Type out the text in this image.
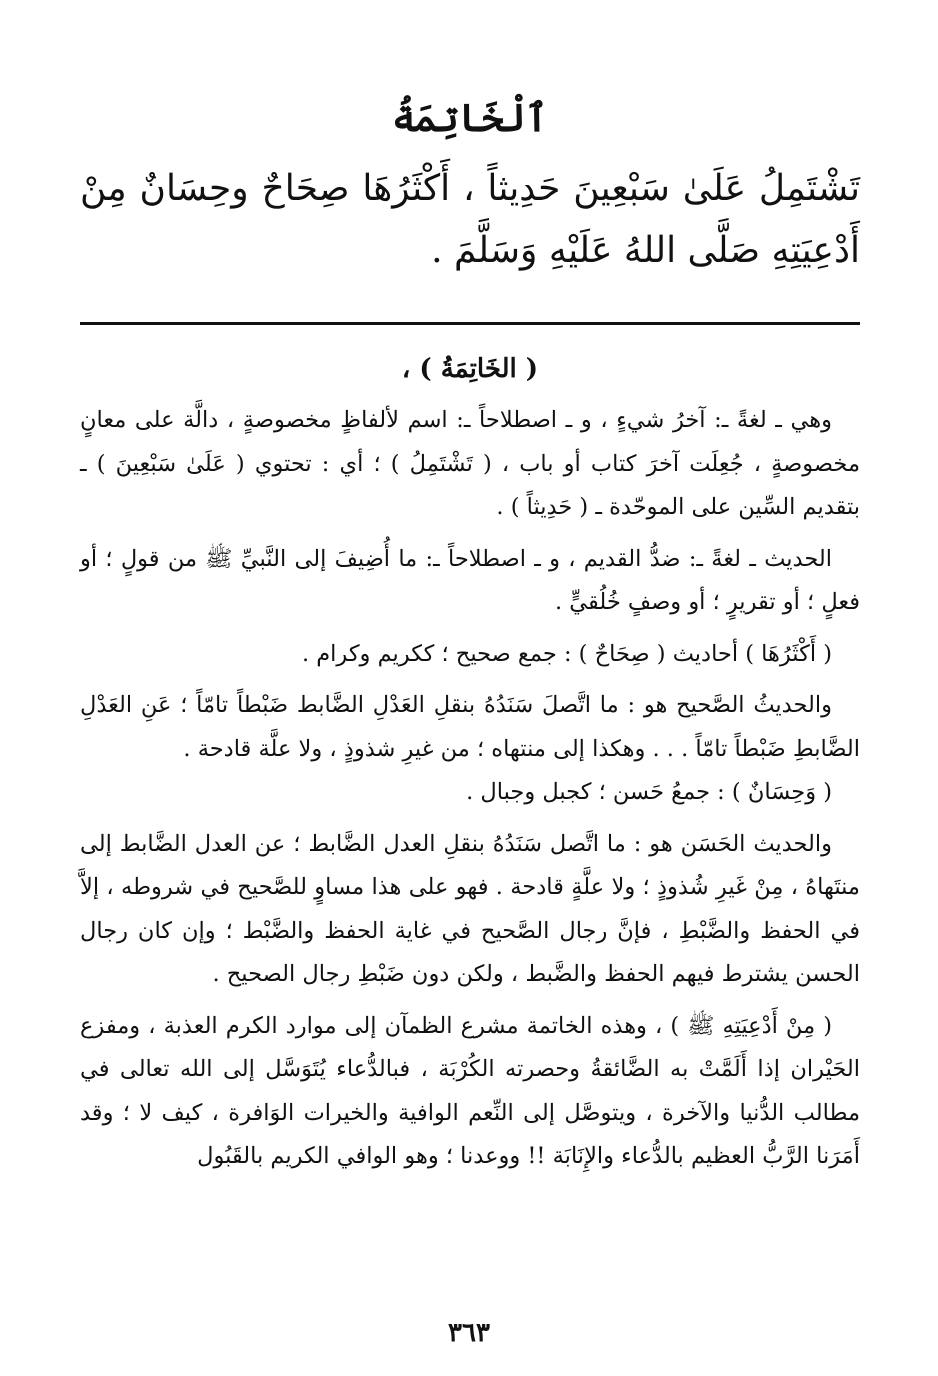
ٱلْخَاتِمَةُ

تَشْتَمِلُ عَلَىٰ سَبْعِينَ حَدِيثاً ، أَكْثَرُهَا صِحَاحٌ وحِسَانٌ مِنْ أَدْعِيَتِهِ صَلَّى اللهُ عَلَيْهِ وَسَلَّمَ .

( الخَاتِمَةُ ) ،

وهي ـ لغةً ـ: آخرُ شيءٍ ، و ـ اصطلاحاً ـ: اسم لألفاظٍ مخصوصةٍ ، دالَّة على معانٍ مخصوصةٍ ، جُعِلَت آخرَ كتاب أو باب ، ( تَشْتَمِلُ ) ؛ أي : تحتوي ( عَلَىٰ سَبْعِينَ ) ـ بتقديم السِّين على الموحّدة ـ ( حَدِيثاً ) .

الحديث ـ لغةً ـ: ضدُّ القديم ، و ـ اصطلاحاً ـ: ما أُضِيفَ إلى النَّبيِّ ﷺ من قولٍ ؛ أو فعلٍ ؛ أو تقريرٍ ؛ أو وصفٍ خُلُقيٍّ .

( أَكْثَرُهَا ) أحاديث ( صِحَاحٌ ) : جمع صحيح ؛ ككريم وكرام .

والحديثُ الصَّحيح هو : ما اتَّصلَ سَنَدُهُ بنقلِ العَدْلِ الضَّابط ضَبْطاً تامّاً ؛ عَنِ العَدْلِ الضَّابطِ ضَبْطاً تامّاً . . . وهكذا إلى منتهاه ؛ من غيرِ شذوذٍ ، ولا علَّة قادحة .

( وَحِسَانٌ ) : جمعُ حَسن ؛ كجبل وجبال .

والحديث الحَسَن هو : ما اتَّصل سَنَدُهُ بنقلِ العدل الضَّابط ؛ عن العدل الضَّابط إلى منتَهاهُ ، مِنْ غَيرِ شُذوذٍ ؛ ولا علَّةٍ قادحة . فهو على هذا مساوٍ للصَّحيح في شروطه ، إلاَّ في الحفظ والضَّبْطِ ، فإنَّ رجال الصَّحيح في غاية الحفظ والضَّبْط ؛ وإن كان رجال الحسن يشترط فيهم الحفظ والضَّبط ، ولكن دون ضَبْطِ رجال الصحيح .

( مِنْ أَدْعِيَتِهِ ﷺ ) ، وهذه الخاتمة مشرع الظمآن إلى موارد الكرم العذبة ، ومفزع الحَيْران إذا أَلَمَّتْ به الضَّائقةُ وحصرته الكُرْبَة ، فبالدُّعاء يُتَوَسَّل إلى الله تعالى في مطالب الدُّنيا والآخرة ، ويتوصَّل إلى النِّعم الوافية والخيرات الوَافرة ، كيف لا ؛ وقد أَمَرَنا الرَّبُّ العظيم بالدُّعاء والإِنَابَة !! ووعدنا ؛ وهو الوافي الكريم بالقَبُول

٣٦٣
